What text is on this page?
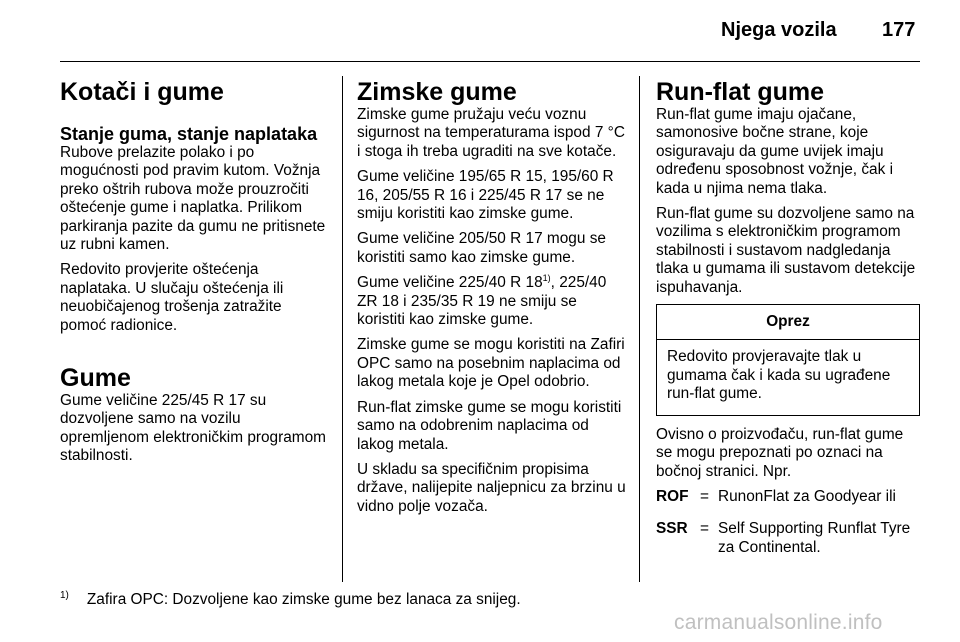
Njega vozila 177
Kotači i gume
Stanje guma, stanje naplataka

Rubove prelazite polako i po mogućnosti pod pravim kutom. Vožnja preko oštrih rubova može prouzročiti oštećenje gume i naplatka. Prilikom parkiranja pazite da gumu ne pritisnete uz rubni kamen.

Redovito provjerite oštećenja naplataka. U slučaju oštećenja ili neuobičajenog trošenja zatražite pomoć radionice.

Gume

Gume veličine 225/45 R 17 su dozvoljene samo na vozilu opremljenom elektroničkim programom stabilnosti.

Zimske gume

Zimske gume pružaju veću voznu sigurnost na temperaturama ispod 7 °C i stoga ih treba ugraditi na sve kotače.

Gume veličine 195/65 R 15, 195/60 R 16, 205/55 R 16 i 225/45 R 17 se ne smiju koristiti kao zimske gume.

Gume veličine 205/50 R 17 mogu se koristiti samo kao zimske gume.

Gume veličine 225/40 R 18$^{1)}$, 225/40 ZR 18 i 235/35 R 19 ne smiju se koristiti kao zimske gume.

Zimske gume se mogu koristiti na Zafiri OPC samo na posebnim naplacima od lakog metala koje je Opel odobrio.

Run-flat zimske gume se mogu koristiti samo na odobrenim naplacima od lakog metala.

U skladu sa specifičnim propisima države, nalijepite naljepnicu za brzinu u vidno polje vozača.

Run-flat gume

Run-flat gume imaju ojačane, samonosive bočne strane, koje osiguravaju da gume uvijek imaju određenu sposobnost vožnje, čak i kada u njima nema tlaka.

Run-flat gume su dozvoljene samo na vozilima s elektroničkim programom stabilnosti i sustavom nadgledanja tlaka u gumama ili sustavom detekcije ispuhavanja.

Oprez
Redovito provjeravajte tlak u gumama čak i kada su ugrađene run-flat gume.

Ovisno o proizvođaču, run-flat gume se mogu prepoznati po oznaci na bočnoj stranici. Npr.

ROF = RunonFlat za Goodyear ili
SSR = Self Supporting Runflat Tyre za Continental.
$^{1)}$ Zafira OPC: Dozvoljene kao zimske gume bez lanaca za snijeg.
carmanualsonline.info
